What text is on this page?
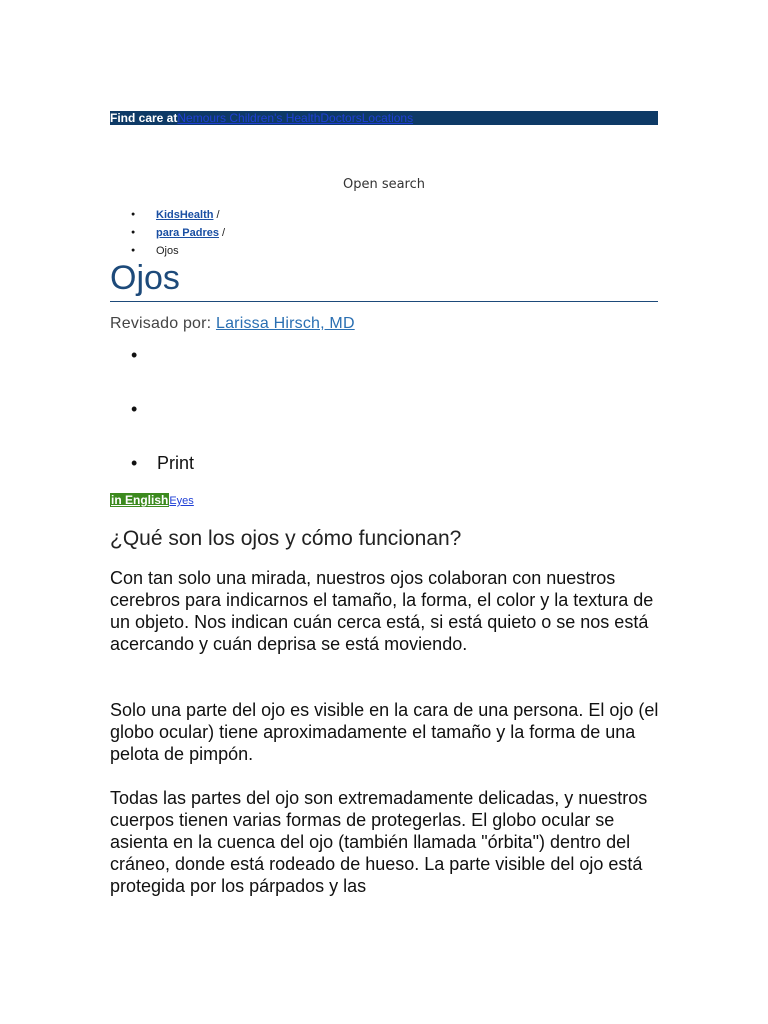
Find care atNemours Children's HealthDoctorsLocations
Open search
● KidsHealth /
● para Padres /
● Ojos
Ojos
Revisado por: Larissa Hirsch, MD
•
•
• Print
in EnglishEyes
¿Qué son los ojos y cómo funcionan?

Con tan solo una mirada, nuestros ojos colaboran con nuestros cerebros para indicarnos el tamaño, la forma, el color y la textura de un objeto. Nos indican cuán cerca está, si está quieto o se nos está acercando y cuán deprisa se está moviendo.

Solo una parte del ojo es visible en la cara de una persona. El ojo (el globo ocular) tiene aproximadamente el tamaño y la forma de una pelota de pimpón.

Todas las partes del ojo son extremadamente delicadas, y nuestros cuerpos tienen varias formas de protegerlas. El globo ocular se asienta en la cuenca del ojo (también llamada "órbita") dentro del cráneo, donde está rodeado de hueso. La parte visible del ojo está protegida por los párpados y las
